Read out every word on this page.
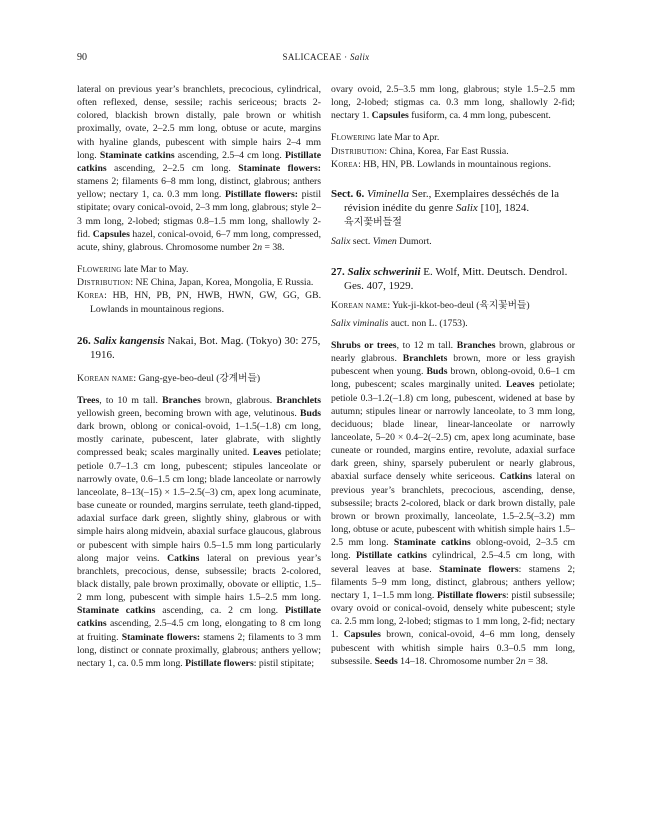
90	SALICACEAE · Salix

lateral on previous year’s branchlets, precocious, cylindrical, often reflexed, dense, sessile; rachis sericeous; bracts 2-colored, blackish brown distally, pale brown or whitish proximally, ovate, 2–2.5 mm long, obtuse or acute, margins with hyaline glands, pubescent with simple hairs 2–4 mm long. Staminate catkins ascending, 2.5–4 cm long. Pistillate catkins ascending, 2–2.5 cm long. Staminate flowers: stamens 2; filaments 6–8 mm long, distinct, glabrous; anthers yellow; nectary 1, ca. 0.3 mm long. Pistillate flowers: pistil stipitate; ovary conical-ovoid, 2–3 mm long, glabrous; style 2–3 mm long, 2-lobed; stigmas 0.8–1.5 mm long, shallowly 2-fid. Capsules hazel, conical-ovoid, 6–7 mm long, compressed, acute, shiny, glabrous. Chromosome number 2n = 38.

Flowering late Mar to May.

Distribution: NE China, Japan, Korea, Mongolia, E Russia.

Korea: HB, HN, PB, PN, HWB, HWN, GW, GG, GB. Lowlands in mountainous regions.

26. Salix kangensis Nakai, Bot. Mag. (Tokyo) 30: 275, 1916.

Korean name: Gang-gye-beo-deul (강계버들)

Trees, to 10 m tall. Branches brown, glabrous. Branchlets yellowish green, becoming brown with age, velutinous. Buds dark brown, oblong or conical-ovoid, 1–1.5(–1.8) cm long, mostly carinate, pubescent, later glabrate, with slightly compressed beak; scales marginally united. Leaves petiolate; petiole 0.7–1.3 cm long, pubescent; stipules lanceolate or narrowly ovate, 0.6–1.5 cm long; blade lanceolate or narrowly lanceolate, 8–13(–15) × 1.5–2.5(–3) cm, apex long acuminate, base cuneate or rounded, margins serrulate, teeth gland-tipped, adaxial surface dark green, slightly shiny, glabrous or with simple hairs along midvein, abaxial surface glaucous, glabrous or pubescent with simple hairs 0.5–1.5 mm long particularly along major veins. Catkins lateral on previous year’s branchlets, precocious, dense, subsessile; bracts 2-colored, black distally, pale brown proximally, obovate or elliptic, 1.5–2 mm long, pubescent with simple hairs 1.5–2.5 mm long. Staminate catkins ascending, ca. 2 cm long. Pistillate catkins ascending, 2.5–4.5 cm long, elongating to 8 cm long at fruiting. Staminate flowers: stamens 2; filaments to 3 mm long, distinct or connate proximally, glabrous; anthers yellow; nectary 1, ca. 0.5 mm long. Pistillate flowers: pistil stipitate;

ovary ovoid, 2.5–3.5 mm long, glabrous; style 1.5–2.5 mm long, 2-lobed; stigmas ca. 0.3 mm long, shallowly 2-fid; nectary 1. Capsules fusiform, ca. 4 mm long, pubescent.

Flowering late Mar to Apr.

Distribution: China, Korea, Far East Russia.

Korea: HB, HN, PB. Lowlands in mountainous regions.

Sect. 6. Viminella Ser., Exemplaires desséchés de la révision inédite du genre Salix [10], 1824.

육지꽃버들절

Salix sect. Vimen Dumort.

27. Salix schwerinii E. Wolf, Mitt. Deutsch. Dendrol. Ges. 407, 1929.

Korean name: Yuk-ji-kkot-beo-deul (육지꽃버들)

Salix viminalis auct. non L. (1753).

Shrubs or trees, to 12 m tall. Branches brown, glabrous or nearly glabrous. Branchlets brown, more or less grayish pubescent when young. Buds brown, oblong-ovoid, 0.6–1 cm long, pubescent; scales marginally united. Leaves petiolate; petiole 0.3–1.2(–1.8) cm long, pubescent, widened at base by autumn; stipules linear or narrowly lanceolate, to 3 mm long, deciduous; blade linear, linear-lanceolate or narrowly lanceolate, 5–20 × 0.4–2(–2.5) cm, apex long acuminate, base cuneate or rounded, margins entire, revolute, adaxial surface dark green, shiny, sparsely puberulent or nearly glabrous, abaxial surface densely white sericeous. Catkins lateral on previous year’s branchlets, precocious, ascending, dense, subsessile; bracts 2-colored, black or dark brown distally, pale brown or brown proximally, lanceolate, 1.5–2.5(–3.2) mm long, obtuse or acute, pubescent with whitish simple hairs 1.5–2.5 mm long. Staminate catkins oblong-ovoid, 2–3.5 cm long. Pistillate catkins cylindrical, 2.5–4.5 cm long, with several leaves at base. Staminate flowers: stamens 2; filaments 5–9 mm long, distinct, glabrous; anthers yellow; nectary 1, 1–1.5 mm long. Pistillate flowers: pistil subsessile; ovary ovoid or conical-ovoid, densely white pubescent; style ca. 2.5 mm long, 2-lobed; stigmas to 1 mm long, 2-fid; nectary 1. Capsules brown, conical-ovoid, 4–6 mm long, densely pubescent with whitish simple hairs 0.3–0.5 mm long, subsessile. Seeds 14–18. Chromosome number 2n = 38.
